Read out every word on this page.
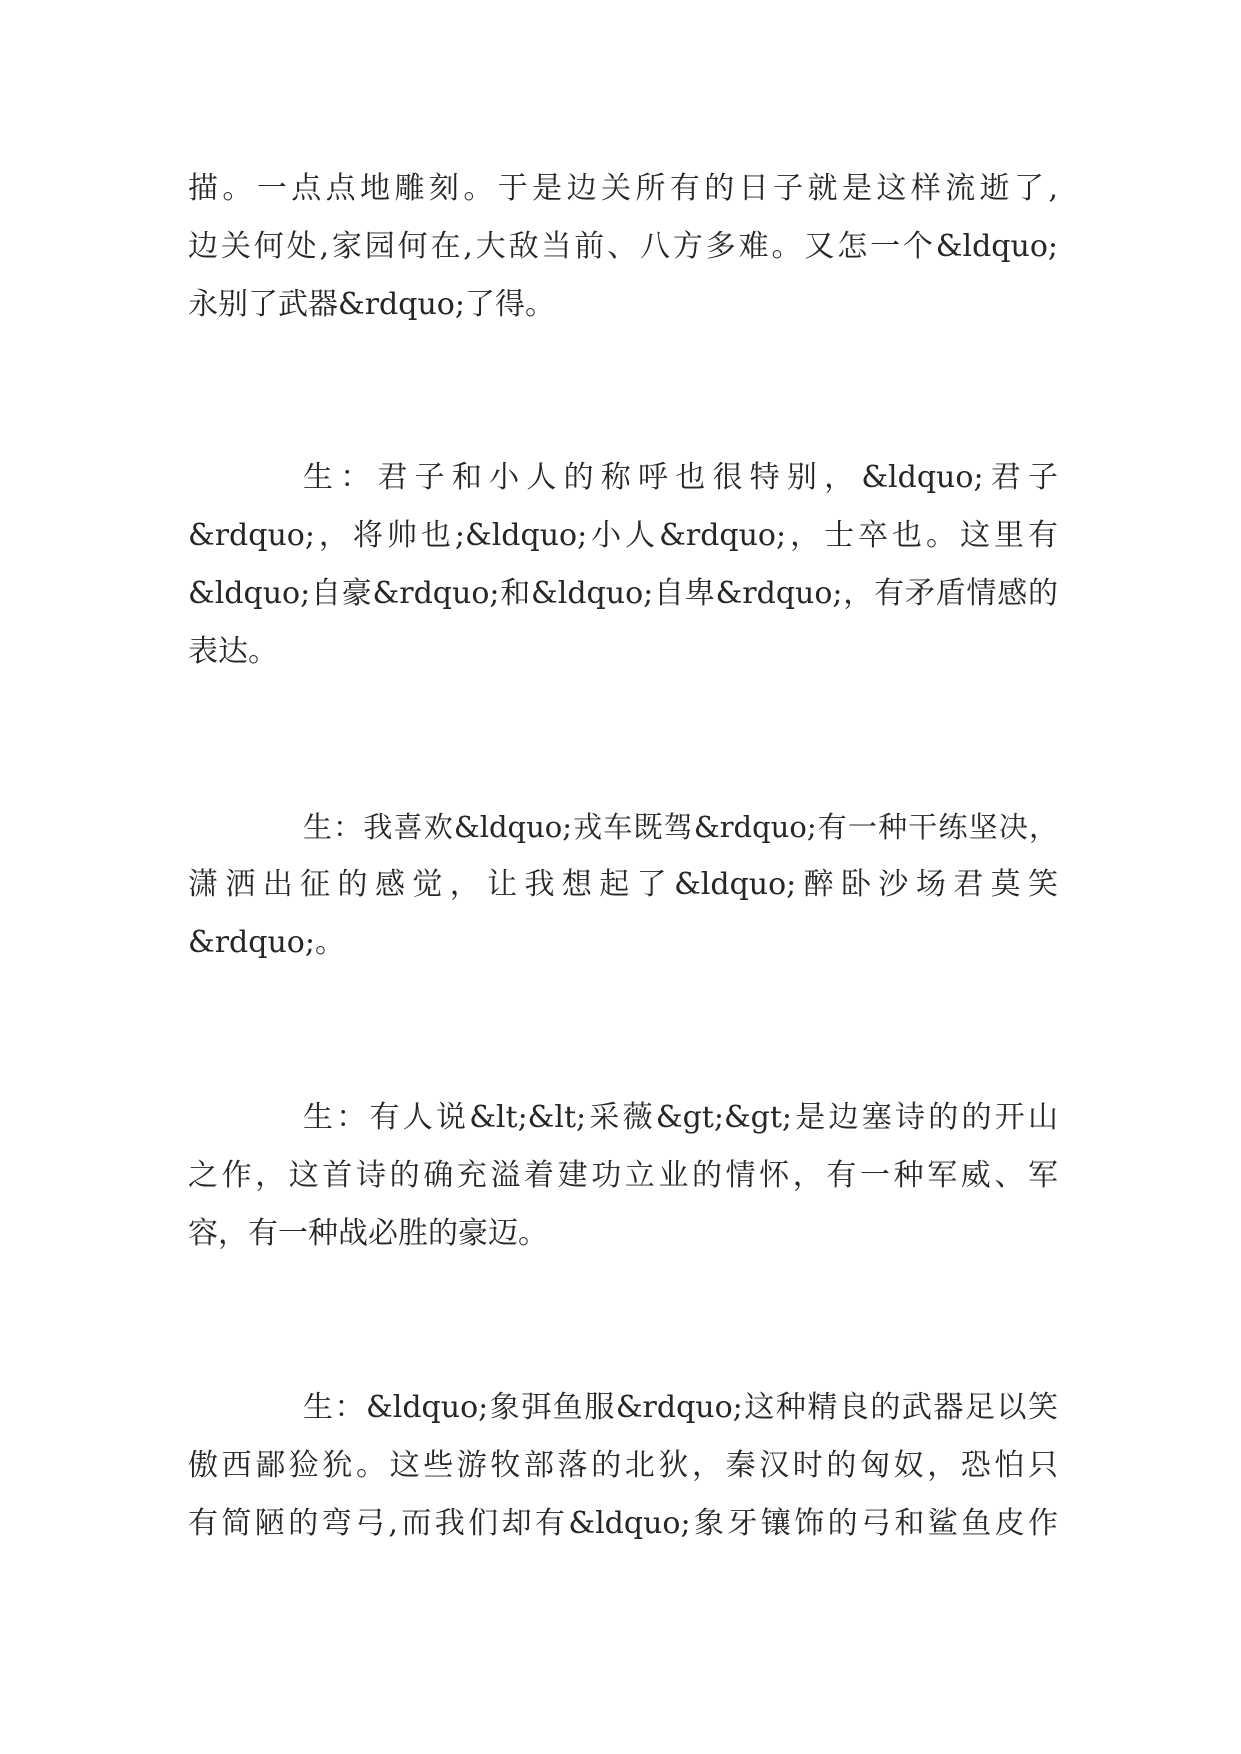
描。一点点地雕刻。于是边关所有的日子就是这样流逝了,
边关何处,家园何在,大敌当前、八方多难。又怎一个&ldquo;
永别了武器&rdquo;了得。

生：君子和小人的称呼也很特别，&ldquo;君子
&rdquo;，将帅也;&ldquo;小人&rdquo;，士卒也。这里有
&ldquo;自豪&rdquo;和&ldquo;自卑&rdquo;，有矛盾情感的
表达。

生：我喜欢&ldquo;戎车既驾&rdquo;有一种干练坚决，
潇洒出征的感觉，让我想起了&ldquo;醉卧沙场君莫笑
&rdquo;。

生：有人说&lt;&lt;采薇&gt;&gt;是边塞诗的的开山
之作，这首诗的确充溢着建功立业的情怀，有一种军威、军
容，有一种战必胜的豪迈。

生：&ldquo;象弭鱼服&rdquo;这种精良的武器足以笑
傲西鄙猃狁。这些游牧部落的北狄，秦汉时的匈奴，恐怕只
有简陋的弯弓,而我们却有&ldquo;象牙镶饰的弓和鲨鱼皮作
